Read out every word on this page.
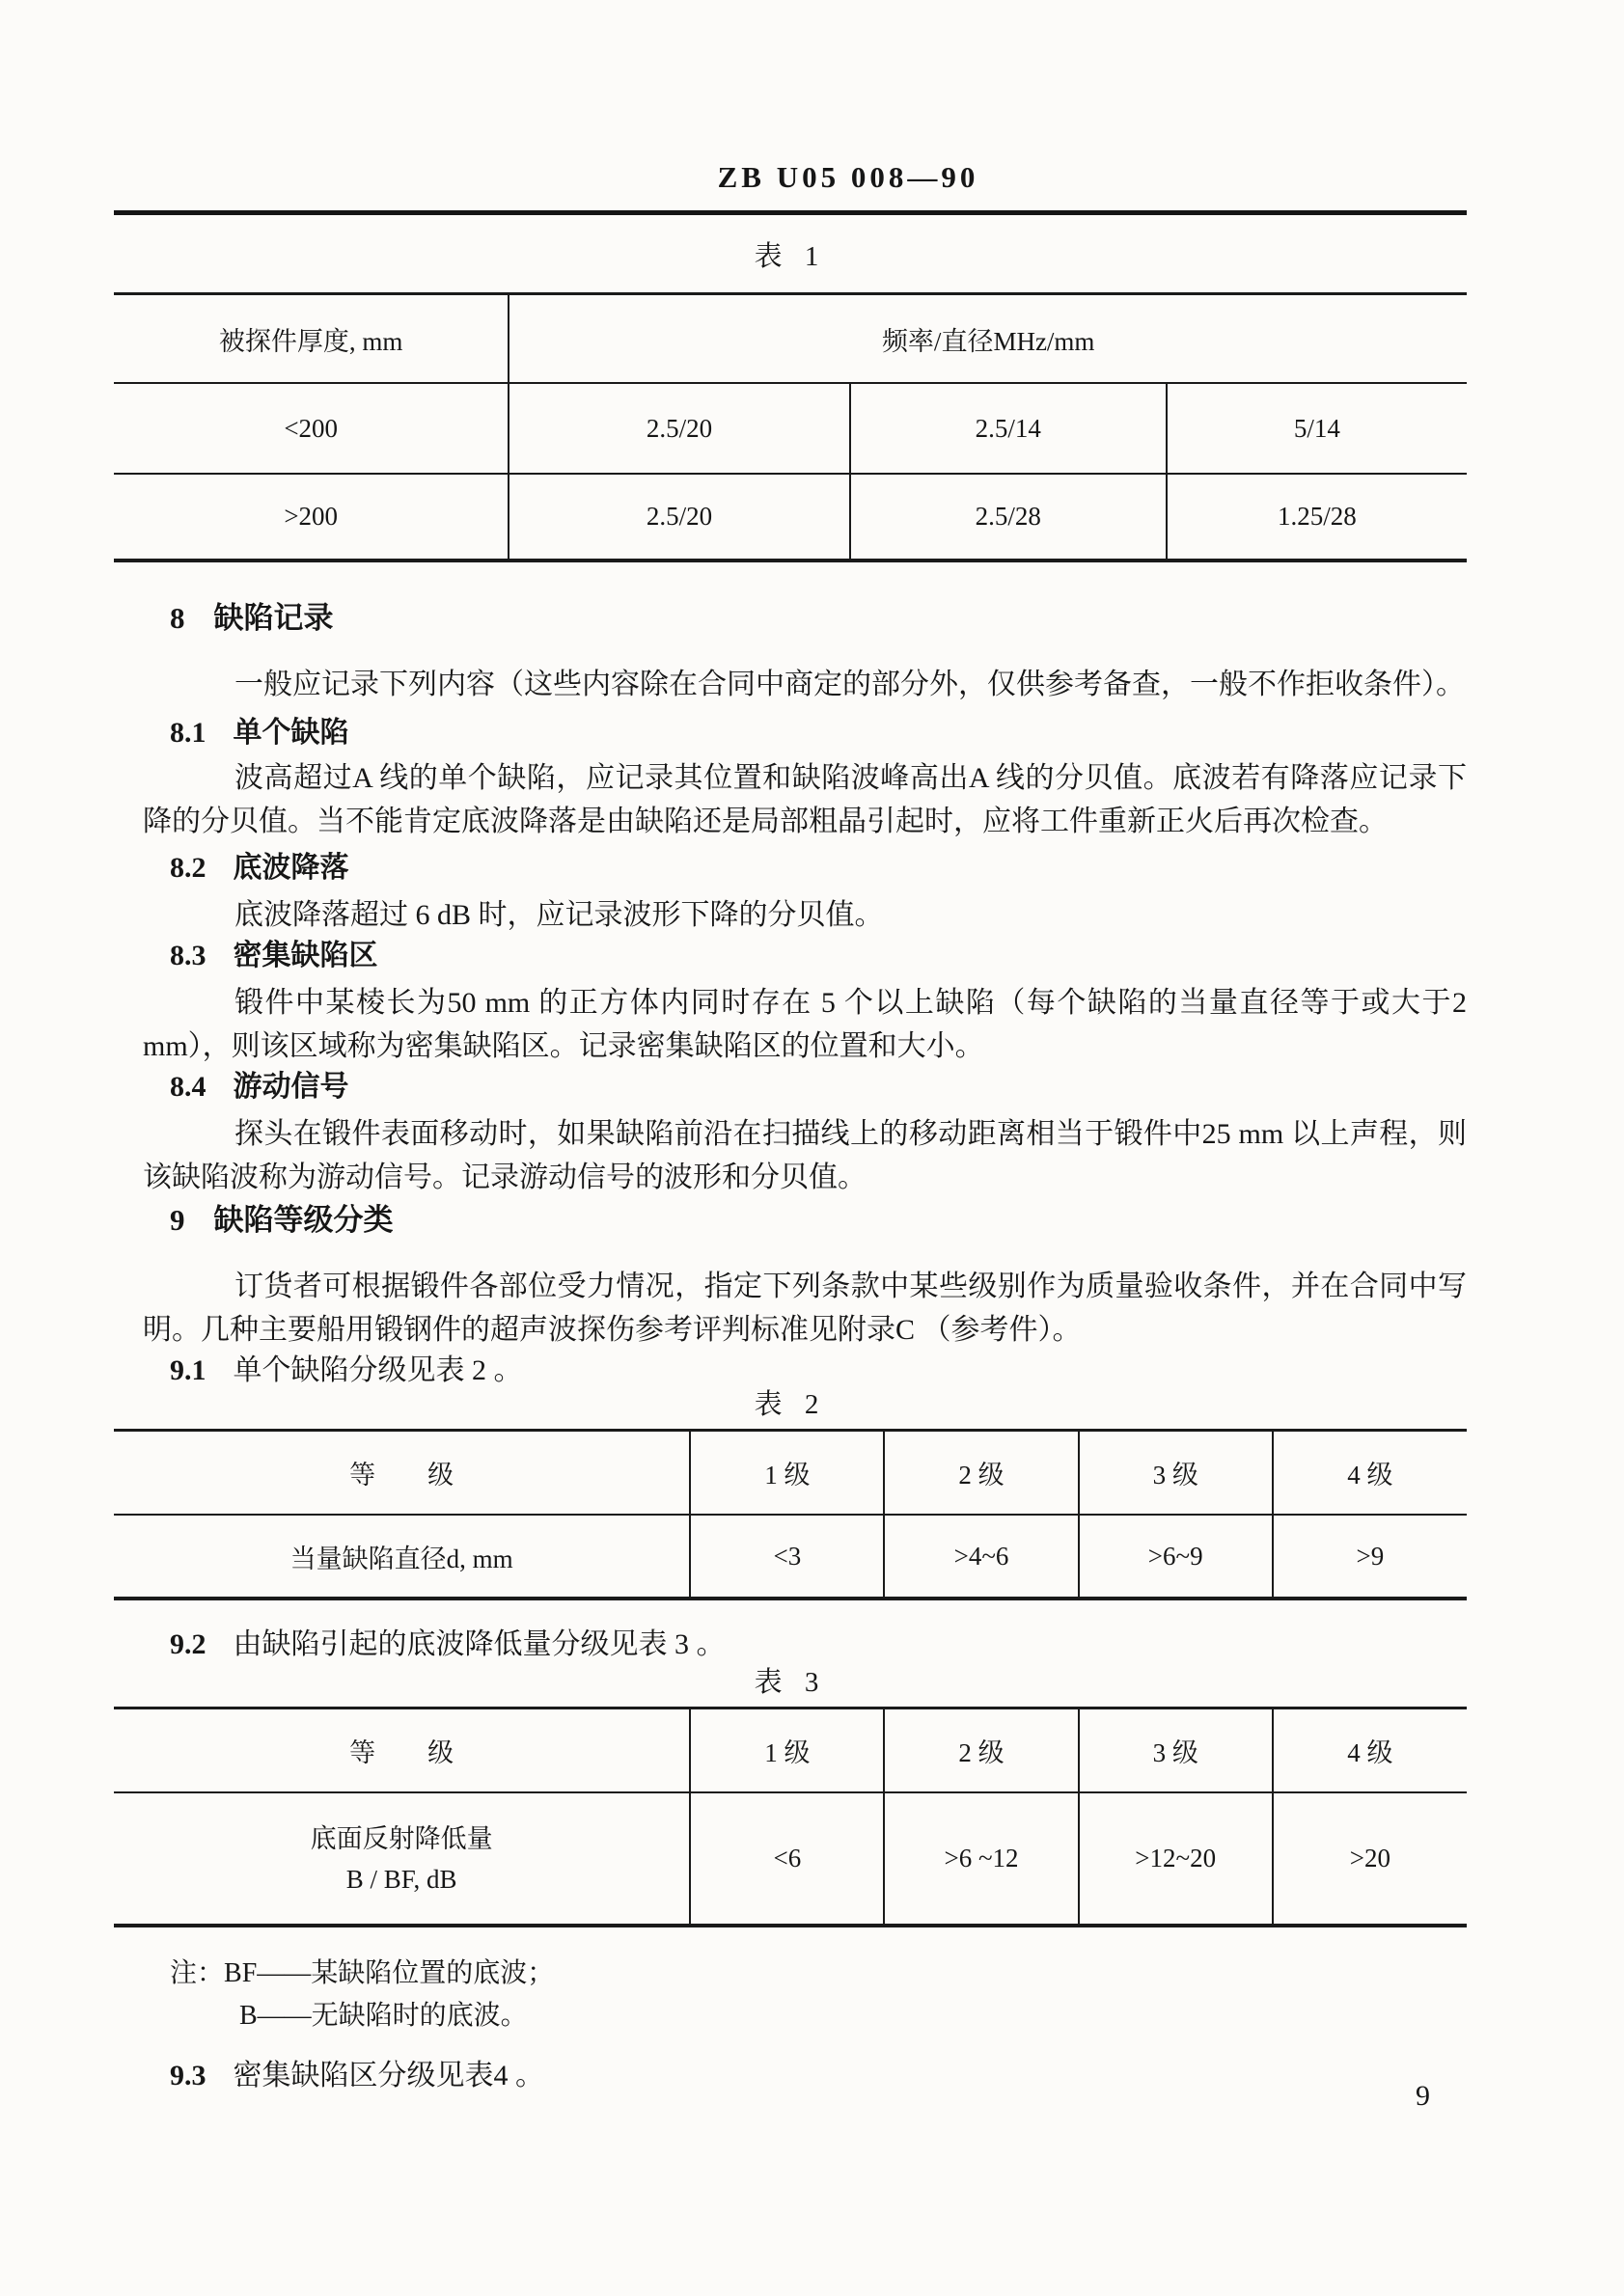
ZB U05 008—90
表 1
被探件厚度, mm	频率/直径MHz/mm		
<200	2.5/20	2.5/14	5/14
>200	2.5/20	2.5/28	1.25/28
8 缺陷记录

一般应记录下列内容（这些内容除在合同中商定的部分外，仅供参考备查，一般不作拒收条件）。

8.1 单个缺陷

波高超过A 线的单个缺陷，应记录其位置和缺陷波峰高出A 线的分贝值。底波若有降落应记录下降的分贝值。当不能肯定底波降落是由缺陷还是局部粗晶引起时，应将工件重新正火后再次检查。

8.2 底波降落

底波降落超过 6 dB 时，应记录波形下降的分贝值。

8.3 密集缺陷区

锻件中某棱长为50 mm 的正方体内同时存在 5 个以上缺陷（每个缺陷的当量直径等于或大于2 mm），则该区域称为密集缺陷区。记录密集缺陷区的位置和大小。

8.4 游动信号

探头在锻件表面移动时，如果缺陷前沿在扫描线上的移动距离相当于锻件中25 mm 以上声程，则该缺陷波称为游动信号。记录游动信号的波形和分贝值。

9 缺陷等级分类

订货者可根据锻件各部位受力情况，指定下列条款中某些级别作为质量验收条件，并在合同中写明。几种主要船用锻钢件的超声波探伤参考评判标准见附录C （参考件）。

9.1 单个缺陷分级见表 2 。
表 2
等        级	1 级	2 级	3 级	4 级
当量缺陷直径d, mm	<3	>4~6	>6~9	>9
9.2 由缺陷引起的底波降低量分级见表 3 。
表 3
等        级	1 级	2 级	3 级	4 级

底面反射降低量
B / BF, dB	<6	>6 ~12	>12~20	>20
注：BF——某缺陷位置的底波；
B——无缺陷时的底波。
9.3 密集缺陷区分级见表4 。
9
